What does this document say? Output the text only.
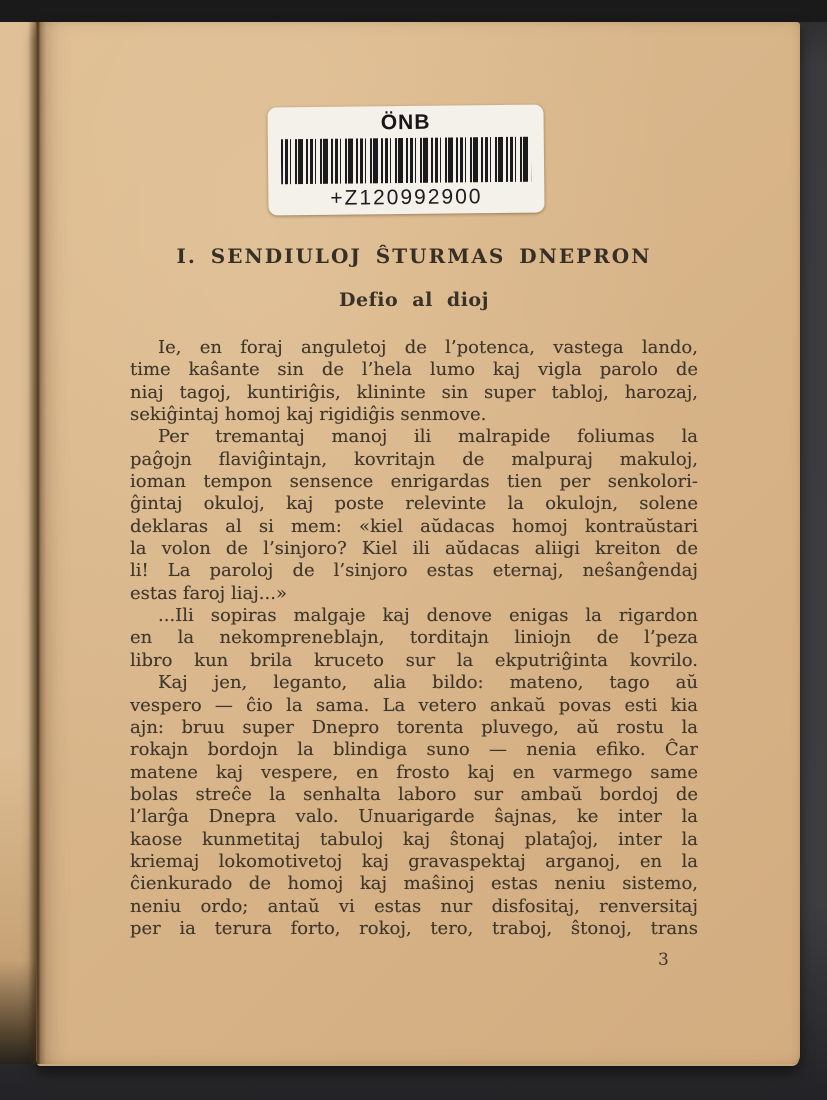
ÖNB
+Z120992900
I. SENDIULOJ ŜTURMAS DNEPRON
Defio al dioj
Ie, en foraj anguletoj de l’potenca, vastega lando,
time kaŝante sin de l’hela lumo kaj vigla parolo de
niaj tagoj, kuntiriĝis, klininte sin super tabloj, harozaj,
sekiĝintaj homoj kaj rigidiĝis senmove.
Per tremantaj manoj ili malrapide foliumas la
paĝojn flaviĝintajn, kovritajn de malpuraj makuloj,
ioman tempon sensence enrigardas tien per senkolori-
ĝintaj okuloj, kaj poste relevinte la okulojn, solene
deklaras al si mem: «kiel aŭdacas homoj kontraŭstari
la volon de l’sinjoro? Kiel ili aŭdacas aliigi kreiton de
li! La paroloj de l’sinjoro estas eternaj, neŝanĝendaj
estas faroj liaj...»
...Ili sopiras malgaje kaj denove enigas la rigardon
en la nekompreneblajn, torditajn liniojn de l’peza
libro kun brila kruceto sur la ekputriĝinta kovrilo.
Kaj jen, leganto, alia bildo: mateno, tago aŭ
vespero — ĉio la sama. La vetero ankaŭ povas esti kia
ajn: bruu super Dnepro torenta pluvego, aŭ rostu la
rokajn bordojn la blindiga suno — nenia efiko. Ĉar
matene kaj vespere, en frosto kaj en varmego same
bolas streĉe la senhalta laboro sur ambaŭ bordoj de
l’larĝa Dnepra valo. Unuarigarde ŝajnas, ke inter la
kaose kunmetitaj tabuloj kaj ŝtonaj plataĵoj, inter la
kriemaj lokomotivetoj kaj gravaspektaj arganoj, en la
ĉienkurado de homoj kaj maŝinoj estas neniu sistemo,
neniu ordo; antaŭ vi estas nur disfositaj, renversitaj
per ia terura forto, rokoj, tero, traboj, ŝtonoj, trans
3
